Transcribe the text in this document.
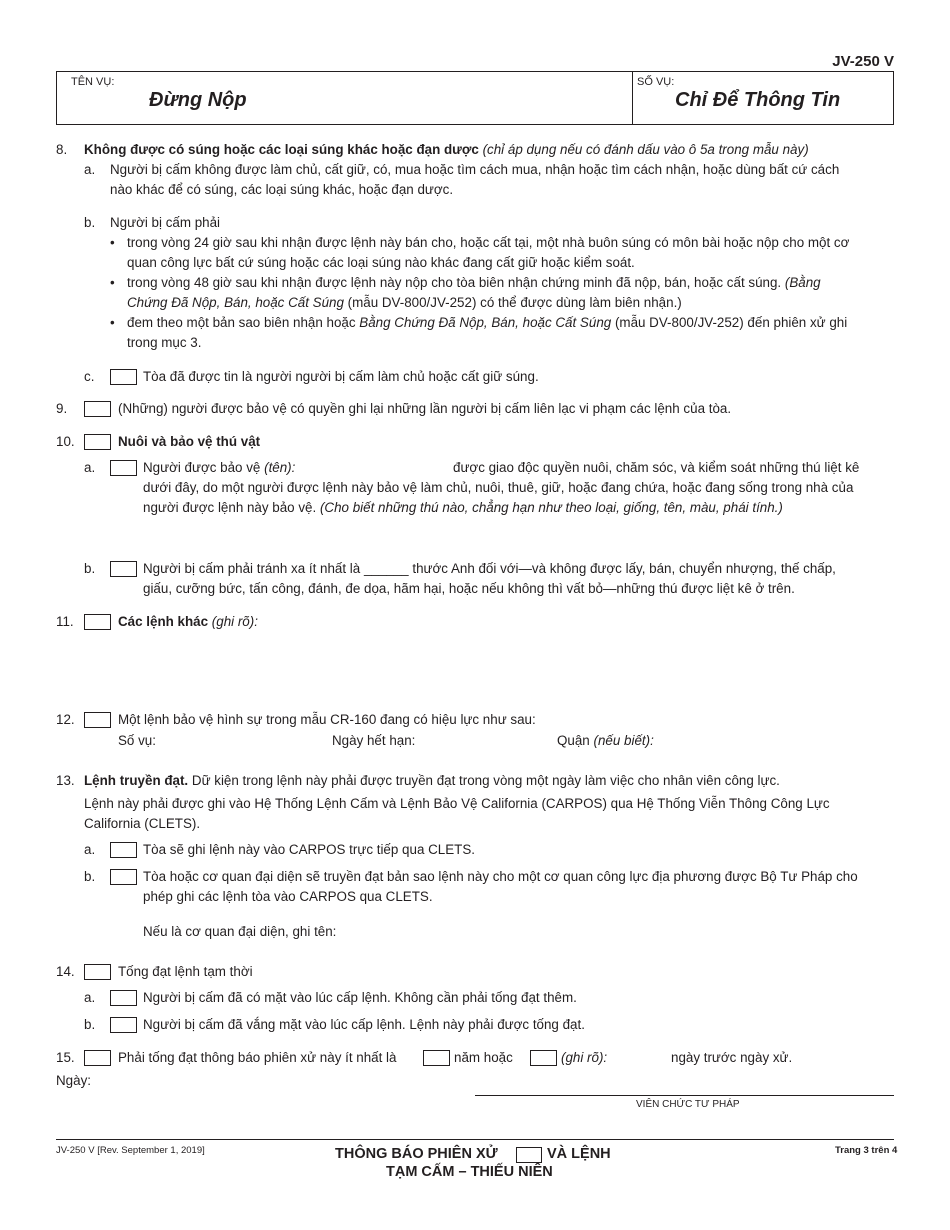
JV-250 V
TÊN VỤ:
Đừng Nộp
SỐ VỤ:
Chỉ Để Thông Tin
8. Không được có súng hoặc các loại súng khác hoặc đạn dược (chỉ áp dụng nếu có đánh dấu vào ô 5a trong mẫu này)
a. Người bị cấm không được làm chủ, cất giữ, có, mua hoặc tìm cách mua, nhận hoặc tìm cách nhận, hoặc dùng bất cứ cách
nào khác để có súng, các loại súng khác, hoặc đạn dược.
b. Người bị cấm phải
• trong vòng 24 giờ sau khi nhận được lệnh này bán cho, hoặc cất tại, một nhà buôn súng có môn bài hoặc nộp cho một cơ
quan công lực bất cứ súng hoặc các loại súng nào khác đang cất giữ hoặc kiểm soát.
• trong vòng 48 giờ sau khi nhận được lệnh này nộp cho tòa biên nhận chứng minh đã nộp, bán, hoặc cất súng. (Bằng
Chứng Đã Nộp, Bán, hoặc Cất Súng (mẫu DV-800/JV-252) có thể được dùng làm biên nhận.)
• đem theo một bản sao biên nhận hoặc Bằng Chứng Đã Nộp, Bán, hoặc Cất Súng (mẫu DV-800/JV-252) đến phiên xử ghi
trong mục 3.
c.	Tòa đã được tin là người người bị cấm làm chủ hoặc cất giữ súng.
9.	(Những) người được bảo vệ có quyền ghi lại những lần người bị cấm liên lạc vi phạm các lệnh của tòa.
10.	Nuôi và bảo vệ thú vật
a.	Người được bảo vệ (tên):	được giao độc quyền nuôi, chăm sóc, và kiểm soát những thú liệt kê
dưới đây, do một người được lệnh này bảo vệ làm chủ, nuôi, thuê, giữ, hoặc đang chứa, hoặc đang sống trong nhà của
người được lệnh này bảo vệ. (Cho biết những thú nào, chẳng hạn như theo loại, giống, tên, màu, phái tính.)
b.	Người bị cấm phải tránh xa ít nhất là ______ thước Anh đối với—và không được lấy, bán, chuyển nhượng, thế chấp,
giấu, cưỡng bức, tấn công, đánh, đe dọa, hãm hại, hoặc nếu không thì vất bỏ—những thú được liệt kê ở trên.
11.	Các lệnh khác (ghi rõ):
12.	Một lệnh bảo vệ hình sự trong mẫu CR-160 đang có hiệu lực như sau:
Số vụ:	Ngày hết hạn:	Quận (nếu biết):
13. Lệnh truyền đạt. Dữ kiện trong lệnh này phải được truyền đạt trong vòng một ngày làm việc cho nhân viên công lực.
Lệnh này phải được ghi vào Hệ Thống Lệnh Cấm và Lệnh Bảo Vệ California (CARPOS) qua Hệ Thống Viễn Thông Công Lực
California (CLETS).
a.	Tòa sẽ ghi lệnh này vào CARPOS trực tiếp qua CLETS.
b.	Tòa hoặc cơ quan đại diện sẽ truyền đạt bản sao lệnh này cho một cơ quan công lực địa phương được Bộ Tư Pháp cho
phép ghi các lệnh tòa vào CARPOS qua CLETS.
Nếu là cơ quan đại diện, ghi tên:
14.	Tống đạt lệnh tạm thời
a.	Người bị cấm đã có mặt vào lúc cấp lệnh. Không cần phải tống đạt thêm.
b.	Người bị cấm đã vắng mặt vào lúc cấp lệnh. Lệnh này phải được tống đạt.
15.	Phải tống đạt thông báo phiên xử này ít nhất là	năm hoặc	(ghi rõ):	ngày trước ngày xử.
Ngày:
VIÊN CHỨC TƯ PHÁP
JV-250 V [Rev. September 1, 2019]	Trang 3 trên 4
THÔNG BÁO PHIÊN XỬ	VÀ LỆNH
TẠM CẤM – THIẾU NIÊN
